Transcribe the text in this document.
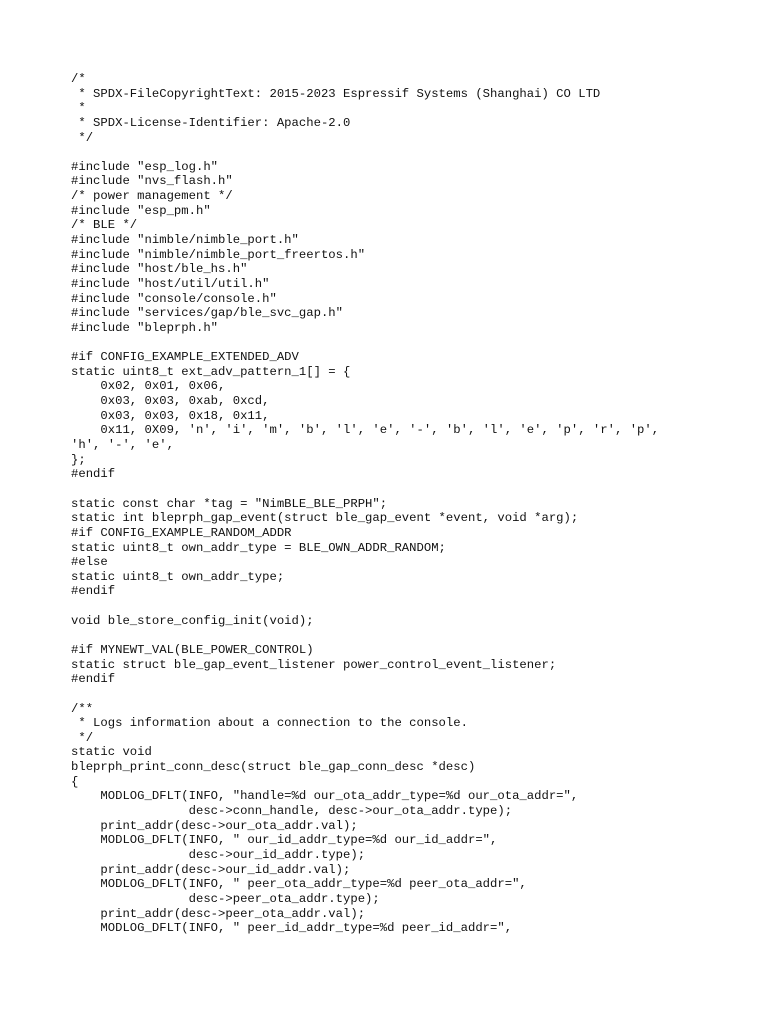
/*
* SPDX-FileCopyrightText: 2015-2023 Espressif Systems (Shanghai) CO LTD
*
* SPDX-License-Identifier: Apache-2.0
*/
#include "esp_log.h"
#include "nvs_flash.h"
/* power management */
#include "esp_pm.h"
/* BLE */
#include "nimble/nimble_port.h"
#include "nimble/nimble_port_freertos.h"
#include "host/ble_hs.h"
#include "host/util/util.h"
#include "console/console.h"
#include "services/gap/ble_svc_gap.h"
#include "bleprph.h"
#if CONFIG_EXAMPLE_EXTENDED_ADV
static uint8_t ext_adv_pattern_1[] = {
0x02, 0x01, 0x06,
0x03, 0x03, 0xab, 0xcd,
0x03, 0x03, 0x18, 0x11,
0x11, 0X09, 'n', 'i', 'm', 'b', 'l', 'e', '-', 'b', 'l', 'e', 'p', 'r', 'p',
'h', '-', 'e',
};
#endif
static const char *tag = "NimBLE_BLE_PRPH";
static int bleprph_gap_event(struct ble_gap_event *event, void *arg);
#if CONFIG_EXAMPLE_RANDOM_ADDR
static uint8_t own_addr_type = BLE_OWN_ADDR_RANDOM;
#else
static uint8_t own_addr_type;
#endif
void ble_store_config_init(void);
#if MYNEWT_VAL(BLE_POWER_CONTROL)
static struct ble_gap_event_listener power_control_event_listener;
#endif
/**
* Logs information about a connection to the console.
*/
static void
bleprph_print_conn_desc(struct ble_gap_conn_desc *desc)
{
MODLOG_DFLT(INFO, "handle=%d our_ota_addr_type=%d our_ota_addr=",
desc->conn_handle, desc->our_ota_addr.type);
print_addr(desc->our_ota_addr.val);
MODLOG_DFLT(INFO, " our_id_addr_type=%d our_id_addr=",
desc->our_id_addr.type);
print_addr(desc->our_id_addr.val);
MODLOG_DFLT(INFO, " peer_ota_addr_type=%d peer_ota_addr=",
desc->peer_ota_addr.type);
print_addr(desc->peer_ota_addr.val);
MODLOG_DFLT(INFO, " peer_id_addr_type=%d peer_id_addr=",
